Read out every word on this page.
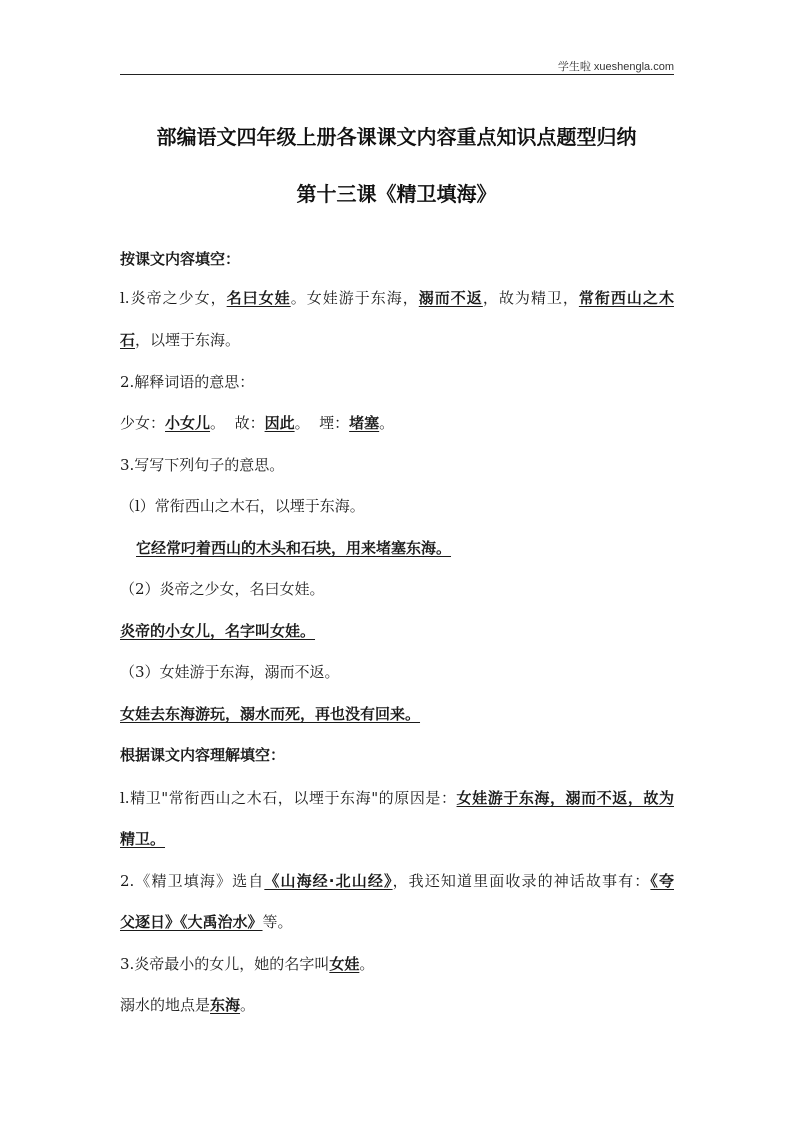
学生啦 xueshengla.com
部编语文四年级上册各课课文内容重点知识点题型归纳
第十三课《精卫填海》
按课文内容填空：
l.炎帝之少女，名曰女娃。女娃游于东海，溺而不返，故为精卫，常衔西山之木
石，以堙于东海。
2.解释词语的意思：
少女：小女儿。  故：因此。  堙：堵塞。
3.写写下列句子的意思。
（l）常衔西山之木石，以堙于东海。
它经常叼着西山的木头和石块，用来堵塞东海。
（2）炎帝之少女，名曰女娃。
炎帝的小女儿，名字叫女娃。
（3）女娃游于东海，溺而不返。
女娃去东海游玩，溺水而死，再也没有回来。
根据课文内容理解填空：
l.精卫"常衔西山之木石，以堙于东海"的原因是：女娃游于东海，溺而不返，故为
精卫。
2.《精卫填海》选自《山海经·北山经》，我还知道里面收录的神话故事有：《夸
父逐日》《大禹治水》等。
3.炎帝最小的女儿，她的名字叫女娃。
溺水的地点是东海。
